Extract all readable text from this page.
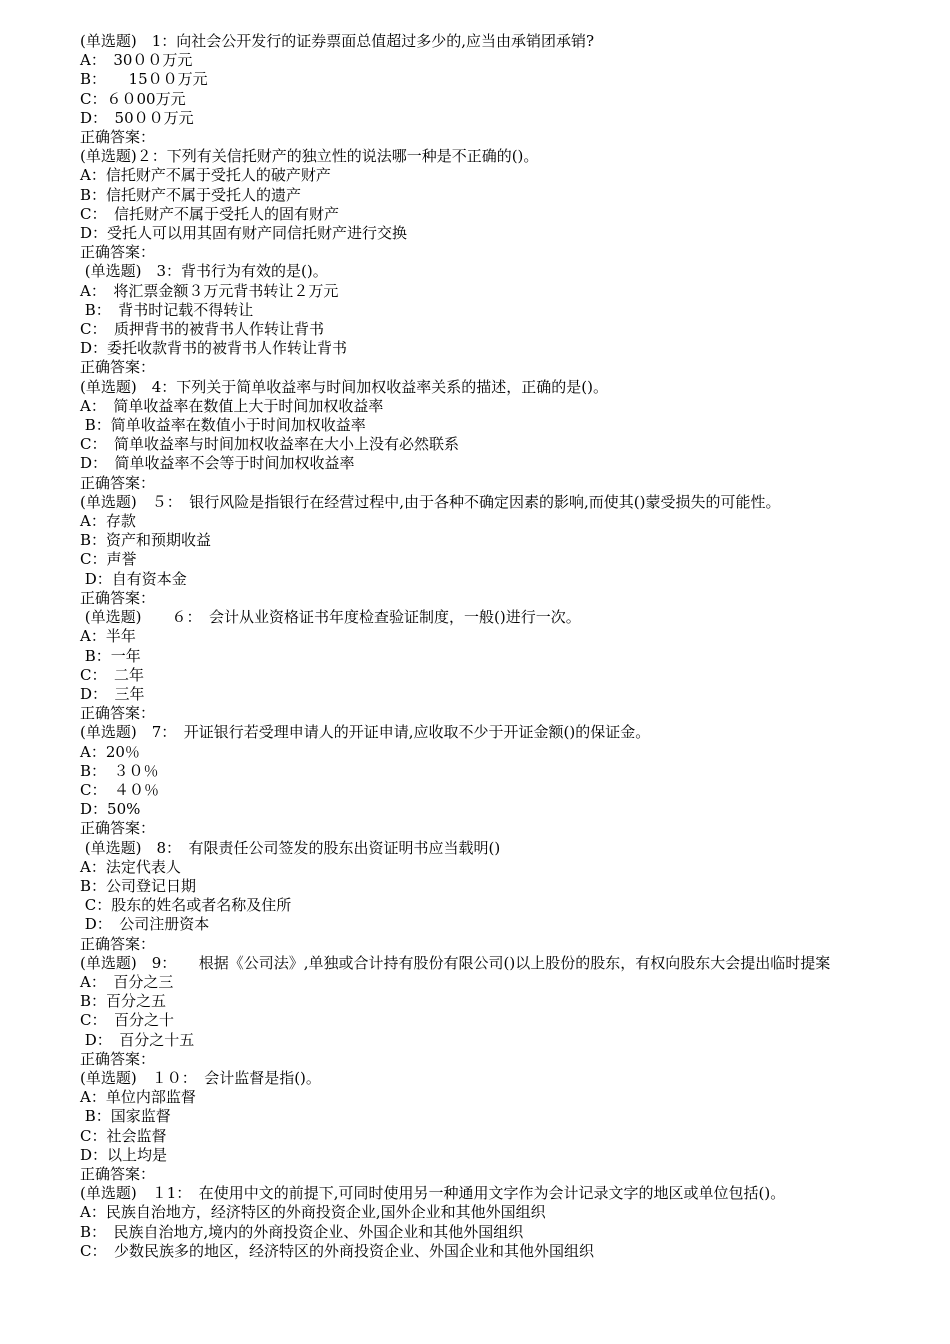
(单选题)　1：向社会公开发行的证券票面总值超过多少的,应当由承销团承销?
A：　30００万元
B：　　15００万元
C：６０00万元
D：　50００万元
正确答案：
(单选题)２：下列有关信托财产的独立性的说法哪一种是不正确的()。
A：信托财产不属于受托人的破产财产
B：信托财产不属于受托人的遗产
C：　信托财产不属于受托人的固有财产
D：受托人可以用其固有财产同信托财产进行交换
正确答案：
(单选题)　3：背书行为有效的是()。
A：　将汇票金额３万元背书转让２万元
B：　背书时记载不得转让
C：　质押背书的被背书人作转让背书
D：委托收款背书的被背书人作转让背书
正确答案：
(单选题)　4：下列关于简单收益率与时间加权收益率关系的描述，正确的是()。
A：　简单收益率在数值上大于时间加权收益率
B：简单收益率在数值小于时间加权收益率
C：　简单收益率与时间加权收益率在大小上没有必然联系
D：　简单收益率不会等于时间加权收益率
正确答案：
(单选题)　５：　银行风险是指银行在经营过程中,由于各种不确定因素的影响,而使其()蒙受损失的可能性。
A：存款
B：资产和预期收益
C：声誉
D：自有资本金
正确答案：
(单选题)　　６：　会计从业资格证书年度检查验证制度，一般()进行一次。
A：半年
B：一年
C：　二年
D：　三年
正确答案：
(单选题)　7：　开证银行若受理申请人的开证申请,应收取不少于开证金额()的保证金。
A：20％
B：　３０％
C：　４０％
D：50%
正确答案：
(单选题)　8：　有限责任公司签发的股东出资证明书应当载明()
A：法定代表人
B：公司登记日期
C：股东的姓名或者名称及住所
D：　公司注册资本
正确答案：
(单选题)　9：　　根据《公司法》,单独或合计持有股份有限公司()以上股份的股东，有权向股东大会提出临时提案
A：　百分之三
B：百分之五
C：　百分之十
D：　百分之十五
正确答案：
(单选题)　１０：　会计监督是指()。
A：单位内部监督
B：国家监督
C：社会监督
D：以上均是
正确答案：
(单选题)　１1：　在使用中文的前提下,可同时使用另一种通用文字作为会计记录文字的地区或单位包括()。
A：民族自治地方，经济特区的外商投资企业,国外企业和其他外国组织
B：　民族自治地方,境内的外商投资企业、外国企业和其他外国组织
C：　少数民族多的地区，经济特区的外商投资企业、外国企业和其他外国组织
